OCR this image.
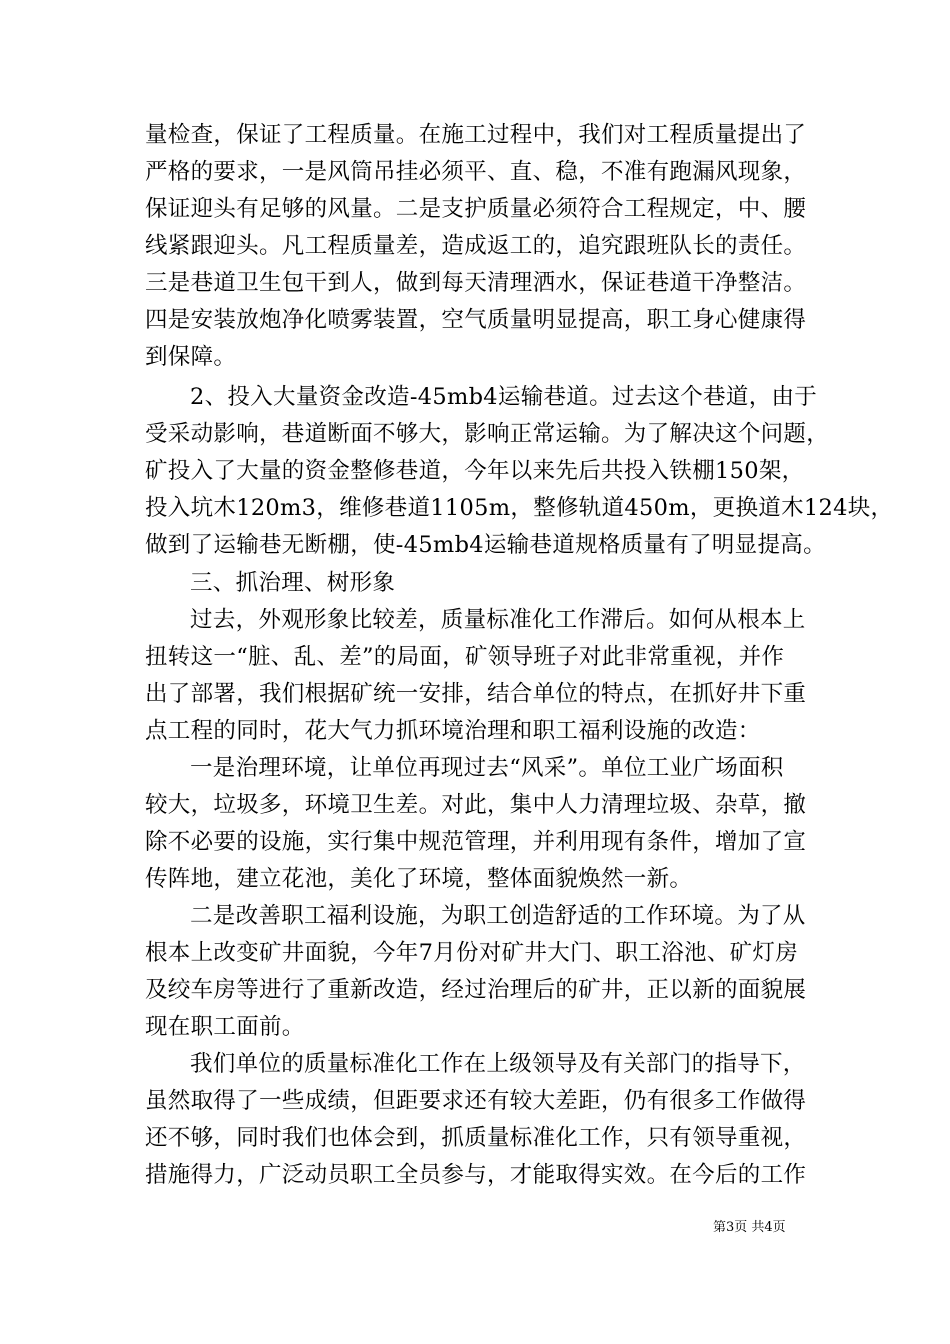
量检查，保证了工程质量。在施工过程中，我们对工程质量提出了
严格的要求，一是风筒吊挂必须平、直、稳，不准有跑漏风现象，
保证迎头有足够的风量。二是支护质量必须符合工程规定，中、腰
线紧跟迎头。凡工程质量差，造成返工的，追究跟班队长的责任。
三是巷道卫生包干到人，做到每天清理洒水，保证巷道干净整洁。
四是安装放炮净化喷雾装置，空气质量明显提高，职工身心健康得
到保障。
2、投入大量资金改造-45mb4运输巷道。过去这个巷道，由于
受采动影响，巷道断面不够大，影响正常运输。为了解决这个问题，
矿投入了大量的资金整修巷道，今年以来先后共投入铁棚150架，
投入坑木120m3，维修巷道1105m，整修轨道450m，更换道木124块，
做到了运输巷无断棚，使-45mb4运输巷道规格质量有了明显提高。
三、抓治理、树形象
过去，外观形象比较差，质量标准化工作滞后。如何从根本上
扭转这一“脏、乱、差”的局面，矿领导班子对此非常重视，并作
出了部署，我们根据矿统一安排，结合单位的特点，在抓好井下重
点工程的同时，花大气力抓环境治理和职工福利设施的改造：
一是治理环境，让单位再现过去“风采”。单位工业广场面积
较大，垃圾多，环境卫生差。对此，集中人力清理垃圾、杂草，撤
除不必要的设施，实行集中规范管理，并利用现有条件，增加了宣
传阵地，建立花池，美化了环境，整体面貌焕然一新。
二是改善职工福利设施，为职工创造舒适的工作环境。为了从
根本上改变矿井面貌，今年7月份对矿井大门、职工浴池、矿灯房
及绞车房等进行了重新改造，经过治理后的矿井，正以新的面貌展
现在职工面前。
我们单位的质量标准化工作在上级领导及有关部门的指导下，
虽然取得了一些成绩，但距要求还有较大差距，仍有很多工作做得
还不够，同时我们也体会到，抓质量标准化工作，只有领导重视，
措施得力，广泛动员职工全员参与，才能取得实效。在今后的工作
第3页 共4页
